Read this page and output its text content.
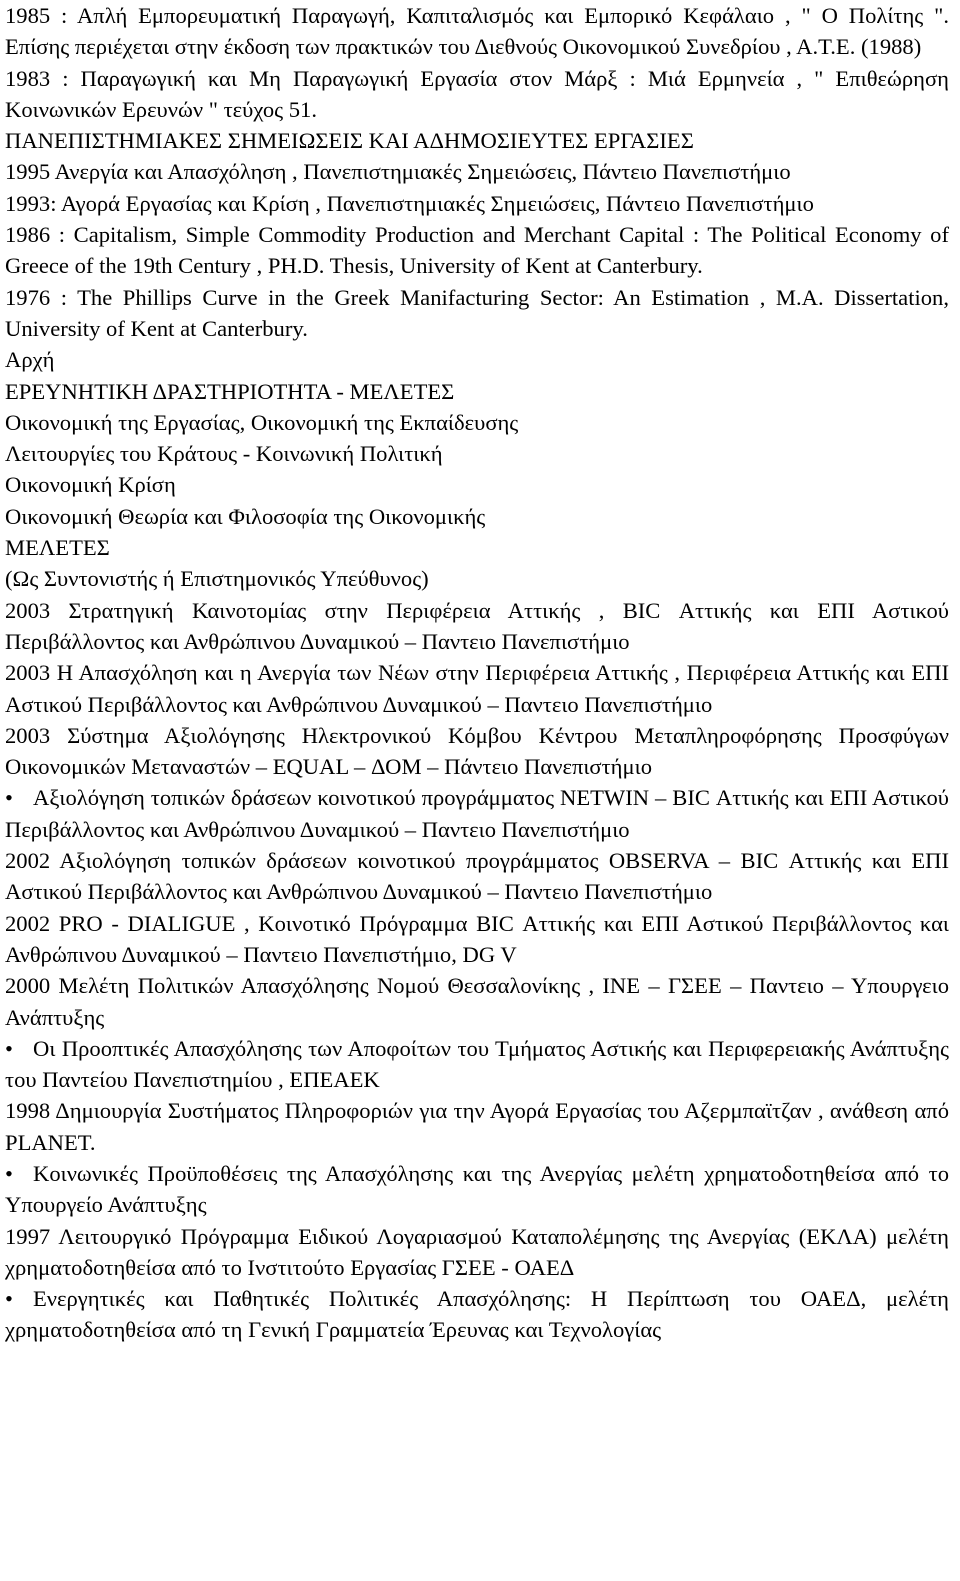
1985 : Απλή Εμπορευματική Παραγωγή, Καπιταλισμός και Εμπορικό Κεφάλαιο , " Ο Πολίτης ". Επίσης περιέχεται στην έκδοση των πρακτικών του Διεθνούς Οικονομικού Συνεδρίου , Α.Τ.Ε. (1988)

1983 : Παραγωγική και Μη Παραγωγική Εργασία στον Μάρξ : Μιά Ερμηνεία , " Επιθεώρηση Κοινωνικών Ερευνών " τεύχος 51.

ΠΑΝΕΠΙΣΤΗΜΙΑΚΕΣ ΣΗΜΕΙΩΣΕΙΣ ΚΑΙ ΑΔΗΜΟΣΙΕΥΤΕΣ ΕΡΓΑΣΙΕΣ

1995 Ανεργία και Απασχόληση , Πανεπιστημιακές Σημειώσεις, Πάντειο Πανεπιστήμιο

1993: Αγορά Εργασίας και Κρίση , Πανεπιστημιακές Σημειώσεις, Πάντειο Πανεπιστήμιο

1986 : Capitalism, Simple Commodity Production and Merchant Capital : The Political Economy of Greece of the 19th Century , PH.D. Thesis, University of Kent at Canterbury.

1976 : The Phillips Curve in the Greek Manifacturing Sector: An Estimation , M.A. Dissertation, University of Kent at Canterbury.

Αρχή

ΕΡΕΥΝΗΤΙΚΗ ΔΡΑΣΤΗΡΙΟΤΗΤΑ - ΜΕΛΕΤΕΣ

Οικονομική της Εργασίας, Οικονομική της Εκπαίδευσης

Λειτουργίες του Κράτους - Κοινωνική Πολιτική

Οικονομική Κρίση

Οικονομική Θεωρία και Φιλοσοφία της Οικονομικής

ΜΕΛΕΤΕΣ

(Ως Συντονιστής ή Επιστημονικός Υπεύθυνος)

2003 Στρατηγική Καινοτομίας στην Περιφέρεια Αττικής , BIC Αττικής και ΕΠΙ Αστικού Περιβάλλοντος και Ανθρώπινου Δυναμικού – Παντειο Πανεπιστήμιο

2003 Η Απασχόληση και η Ανεργία των Νέων στην Περιφέρεια Αττικής , Περιφέρεια Αττικής και ΕΠΙ Αστικού Περιβάλλοντος και Ανθρώπινου Δυναμικού – Παντειο Πανεπιστήμιο

2003 Σύστημα Αξιολόγησης Ηλεκτρονικού Κόμβου Κέντρου Μεταπληροφόρησης Προσφύγων Οικονομικών Μεταναστών – EQUAL – ΔΟΜ – Πάντειο Πανεπιστήμιο

• Αξιολόγηση τοπικών δράσεων κοινοτικού προγράμματος NETWIN – BIC Αττικής και ΕΠΙ Αστικού Περιβάλλοντος και Ανθρώπινου Δυναμικού – Παντειο Πανεπιστήμιο

2002 Αξιολόγηση τοπικών δράσεων κοινοτικού προγράμματος OBSERVA – BIC Αττικής και ΕΠΙ Αστικού Περιβάλλοντος και Ανθρώπινου Δυναμικού – Παντειο Πανεπιστήμιο

2002 PRO - DIALIGUE , Κοινοτικό Πρόγραμμα BIC Αττικής και ΕΠΙ Αστικού Περιβάλλοντος και Ανθρώπινου Δυναμικού – Παντειο Πανεπιστήμιο, DG V

2000 Μελέτη Πολιτικών Απασχόλησης Νομού Θεσσαλονίκης , ΙΝΕ – ΓΣΕΕ – Παντειο – Υπουργειο Ανάπτυξης

• Οι Προοπτικές Απασχόλησης των Αποφοίτων του Τμήματος Αστικής και Περιφερειακής Ανάπτυξης του Παντείου Πανεπιστημίου , ΕΠΕΑΕΚ

1998 Δημιουργία Συστήματος Πληροφοριών για την Αγορά Εργασίας του Αζερμπαϊτζαν , ανάθεση από PLANET.

• Κοινωνικές Προϋποθέσεις της Απασχόλησης και της Ανεργίας μελέτη χρηματοδοτηθείσα από το Υπουργείο Ανάπτυξης

1997 Λειτουργικό Πρόγραμμα Ειδικού Λογαριασμού Καταπολέμησης της Ανεργίας (ΕΚΛΑ) μελέτη χρηματοδοτηθείσα από το Ινστιτούτο Εργασίας ΓΣΕΕ - ΟΑΕΔ

• Ενεργητικές και Παθητικές Πολιτικές Απασχόλησης: Η Περίπτωση του ΟΑΕΔ, μελέτη χρηματοδοτηθείσα από τη Γενική Γραμματεία Έρευνας και Τεχνολογίας
